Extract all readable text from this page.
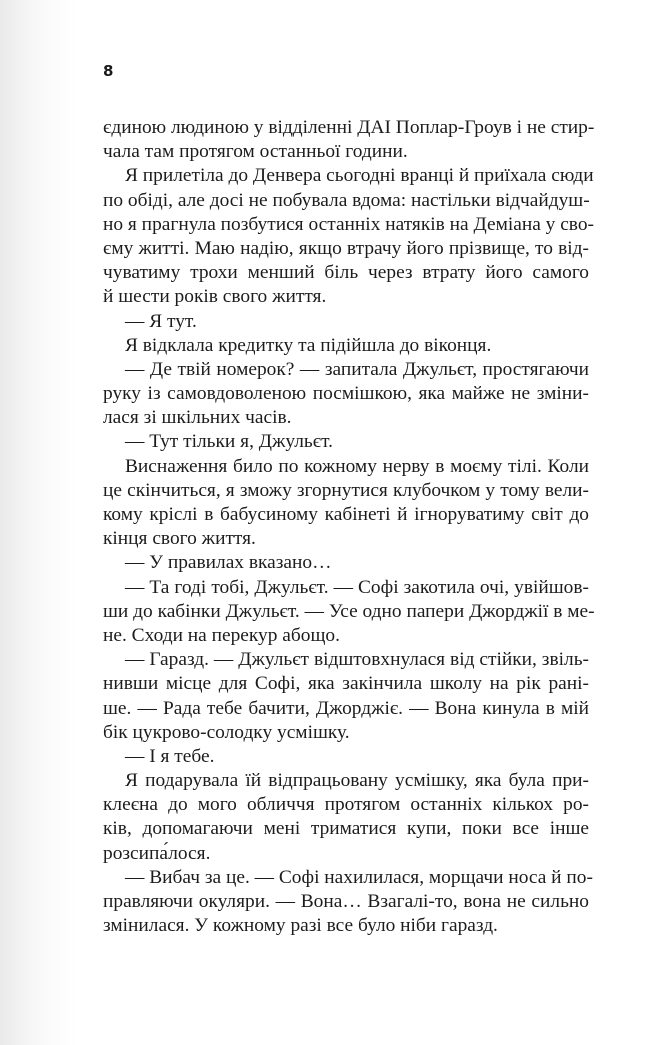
8
єдиною людиною у відділенні ДАІ Поплар-Гроув і не стир-
чала там протягом останньої години.
Я прилетіла до Денвера сьогодні вранці й приїхала сюди
по обіді, але досі не побувала вдома: настільки відчайдуш-
но я прагнула позбутися останніх натяків на Деміана у сво-
єму житті. Маю надію, якщо втрачу його прізвище, то від-
чуватиму трохи менший біль через втрату його самого
й шести років свого життя.
— Я тут.
Я відклала кредитку та підійшла до віконця.
— Де твій номерок? — запитала Джульєт, простягаючи
руку із самовдоволеною посмішкою, яка майже не зміни-
лася зі шкільних часів.
— Тут тільки я, Джульєт.
Виснаження било по кожному нерву в моєму тілі. Коли
це скінчиться, я зможу згорнутися клубочком у тому вели-
кому кріслі в бабусиному кабінеті й ігноруватиму світ до
кінця свого життя.
— У правилах вказано…
— Та годі тобі, Джульєт. — Софі закотила очі, увійшов-
ши до кабінки Джульєт. — Усе одно папери Джорджії в ме-
не. Сходи на перекур абощо.
— Гаразд. — Джульєт відштовхнулася від стійки, звіль-
нивши місце для Софі, яка закінчила школу на рік рані-
ше. — Рада тебе бачити, Джорджіє. — Вона кинула в мій
бік цукрово-солодку усмішку.
— І я тебе.
Я подарувала їй відпрацьовану усмішку, яка була при-
клеєна до мого обличчя протягом останніх кількох ро-
ків, допомагаючи мені триматися купи, поки все інше
розсипа́лося.
— Вибач за це. — Софі нахилилася, морщачи носа й по-
правляючи окуляри. — Вона… Взагалі-то, вона не сильно
змінилася. У кожному разі все було ніби гаразд.
